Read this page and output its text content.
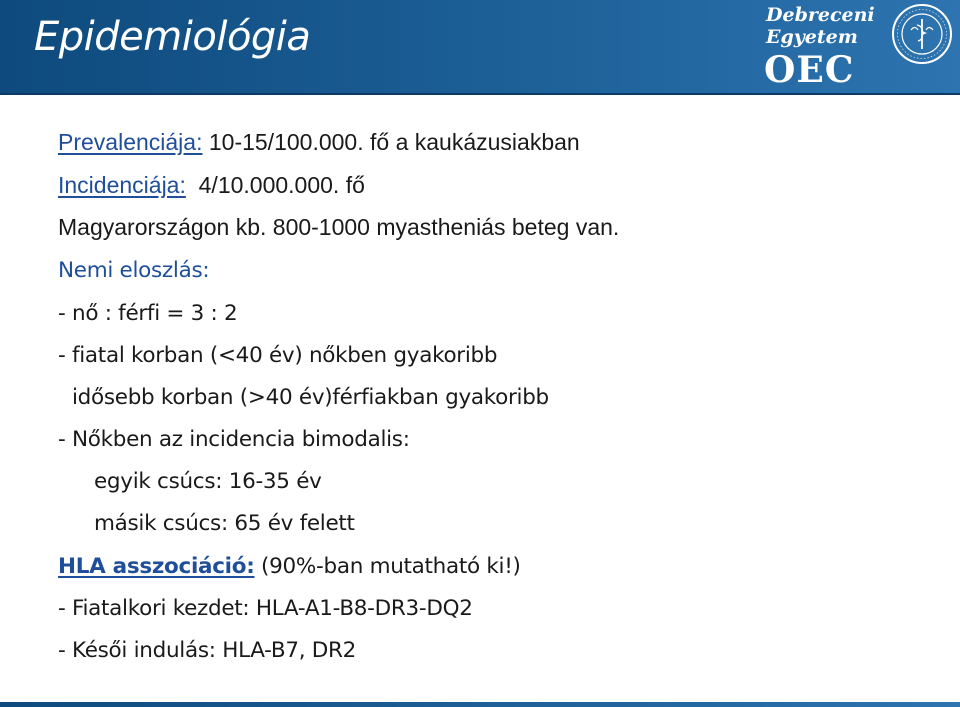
Epidemiológia	Debreceni
Egyetem
OEC
Prevalenciája: 10-15/100.000. fő a kaukázusiakban
Incidenciája:  4/10.000.000. fő
Magyarországon kb. 800-1000 myastheniás beteg van.
Nemi eloszlás:
- nő : férfi = 3 : 2
- fiatal korban (<40 év) nőkben gyakoribb
idősebb korban (>40 év)férfiakban gyakoribb
- Nőkben az incidencia bimodalis:
egyik csúcs: 16-35 év
másik csúcs: 65 év felett
HLA asszociáció: (90%-ban mutatható ki!)
- Fiatalkori kezdet: HLA-A1-B8-DR3-DQ2
- Késői indulás: HLA-B7, DR2
